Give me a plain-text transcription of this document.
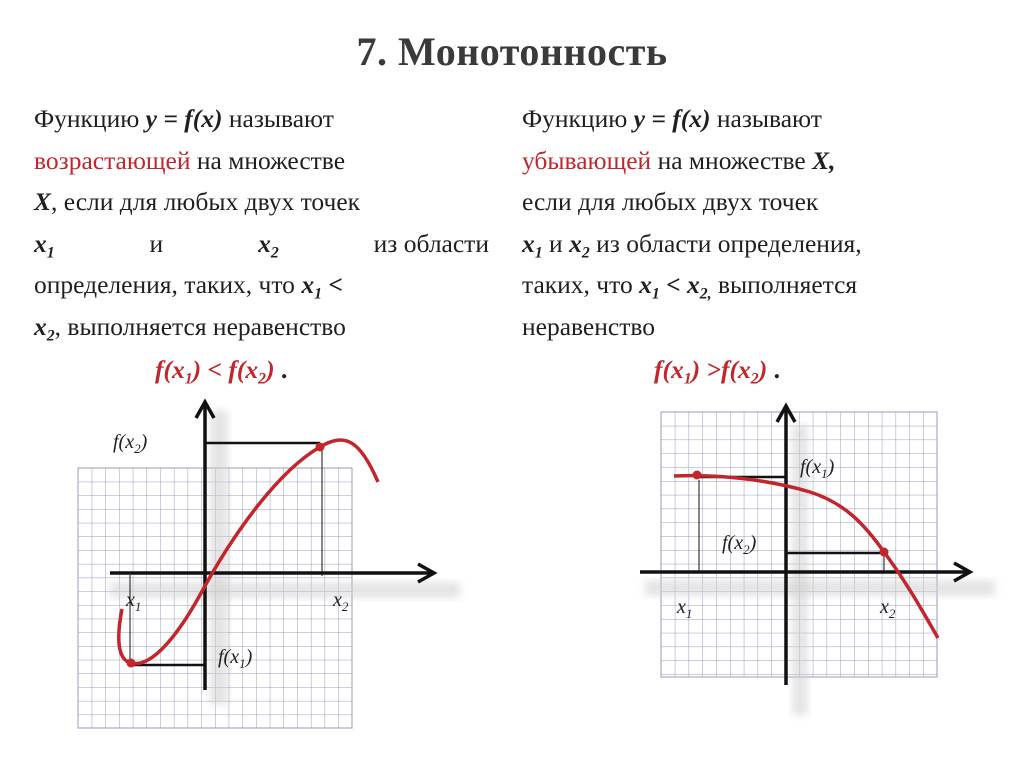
7. Монотонность
Функцию y = f(x) называют
возрастающей на множестве
X, если для любых двух точек
$x_1$	и	$x_2$	из области
определения, таких, что $x_1$ <
$x_2$, выполняется неравенство
Функцию y = f(x) называют
убывающей на множестве X,
если для любых двух точек
$x_1$ и $x_2$ из области определения,
таких, что $x_1 < x_{2,}$ выполняется
неравенство
$f(x_1) < f(x_2)$ .	$f(x_1) >f(x_2)$ .
$f(x_2)$
$f(x_1)$
$x_1$	$x_2$
$f(x_1)$
$f(x_2)$
$x_1$	$x_2$
